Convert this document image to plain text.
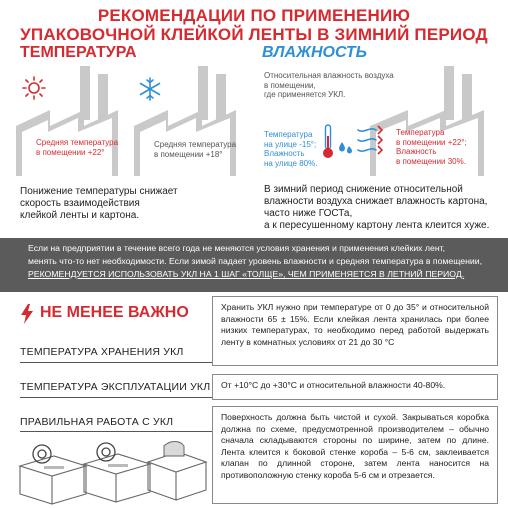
РЕКОМЕНДАЦИИ ПО ПРИМЕНЕНИЮ
УПАКОВОЧНОЙ КЛЕЙКОЙ ЛЕНТЫ В ЗИМНИЙ ПЕРИОД
ТЕМПЕРАТУРА
Средняя температура
в помещении +22°
Средняя температура
в помещении +18°
Понижение температуры снижает
скорость взаимодействия
клейкой ленты и картона.
ВЛАЖНОСТЬ
Относительная влажность воздуха
в помещении,
где применяется УКЛ.
Температура
на улице -15°;
Влажность
на улице 80%.
Температура
в помещении +22°;
Влажность
в помещении 30%.
В зимний период снижение относительной
влажности воздуха снижает влажность картона,
часто ниже ГОСТа,
а к пересушенному картону лента клеится хуже.
Если на предприятии в течение всего года не меняются условия хранения и применения клейких лент,
менять что-то нет необходимости. Если зимой падает уровень влажности и средняя температура в помещении,
РЕКОМЕНДУЕТСЯ ИСПОЛЬЗОВАТЬ УКЛ НА 1 ШАГ «ТОЛЩЕ», ЧЕМ ПРИМЕНЯЕТСЯ В ЛЕТНИЙ ПЕРИОД.
НЕ МЕНЕЕ ВАЖНО
ТЕМПЕРАТУРА ХРАНЕНИЯ УКЛ
Хранить УКЛ нужно при температуре от 0 до 35° и относительной влажности 65 ± 15%. Если клейкая лента хранилась при более низких температурах, то необходимо перед работой выдержать ленту в комнатных условиях от 21 до 30 °С
ТЕМПЕРАТУРА ЭКСПЛУАТАЦИИ УКЛ От +10°С до +30°С и относительной влажности 40-80%.
ПРАВИЛЬНАЯ РАБОТА С УКЛ	Поверхность должна быть чистой и сухой. Закрываться коробка должна по схеме, предусмотренной производителем – обычно сначала складываются стороны по ширине, затем по длине. Лента клеится к боковой стенке короба – 5-6 см, заклеивается клапан по длинной стороне, затем лента наносится на противоположную стенку короба 5-6 см и отрезается.
